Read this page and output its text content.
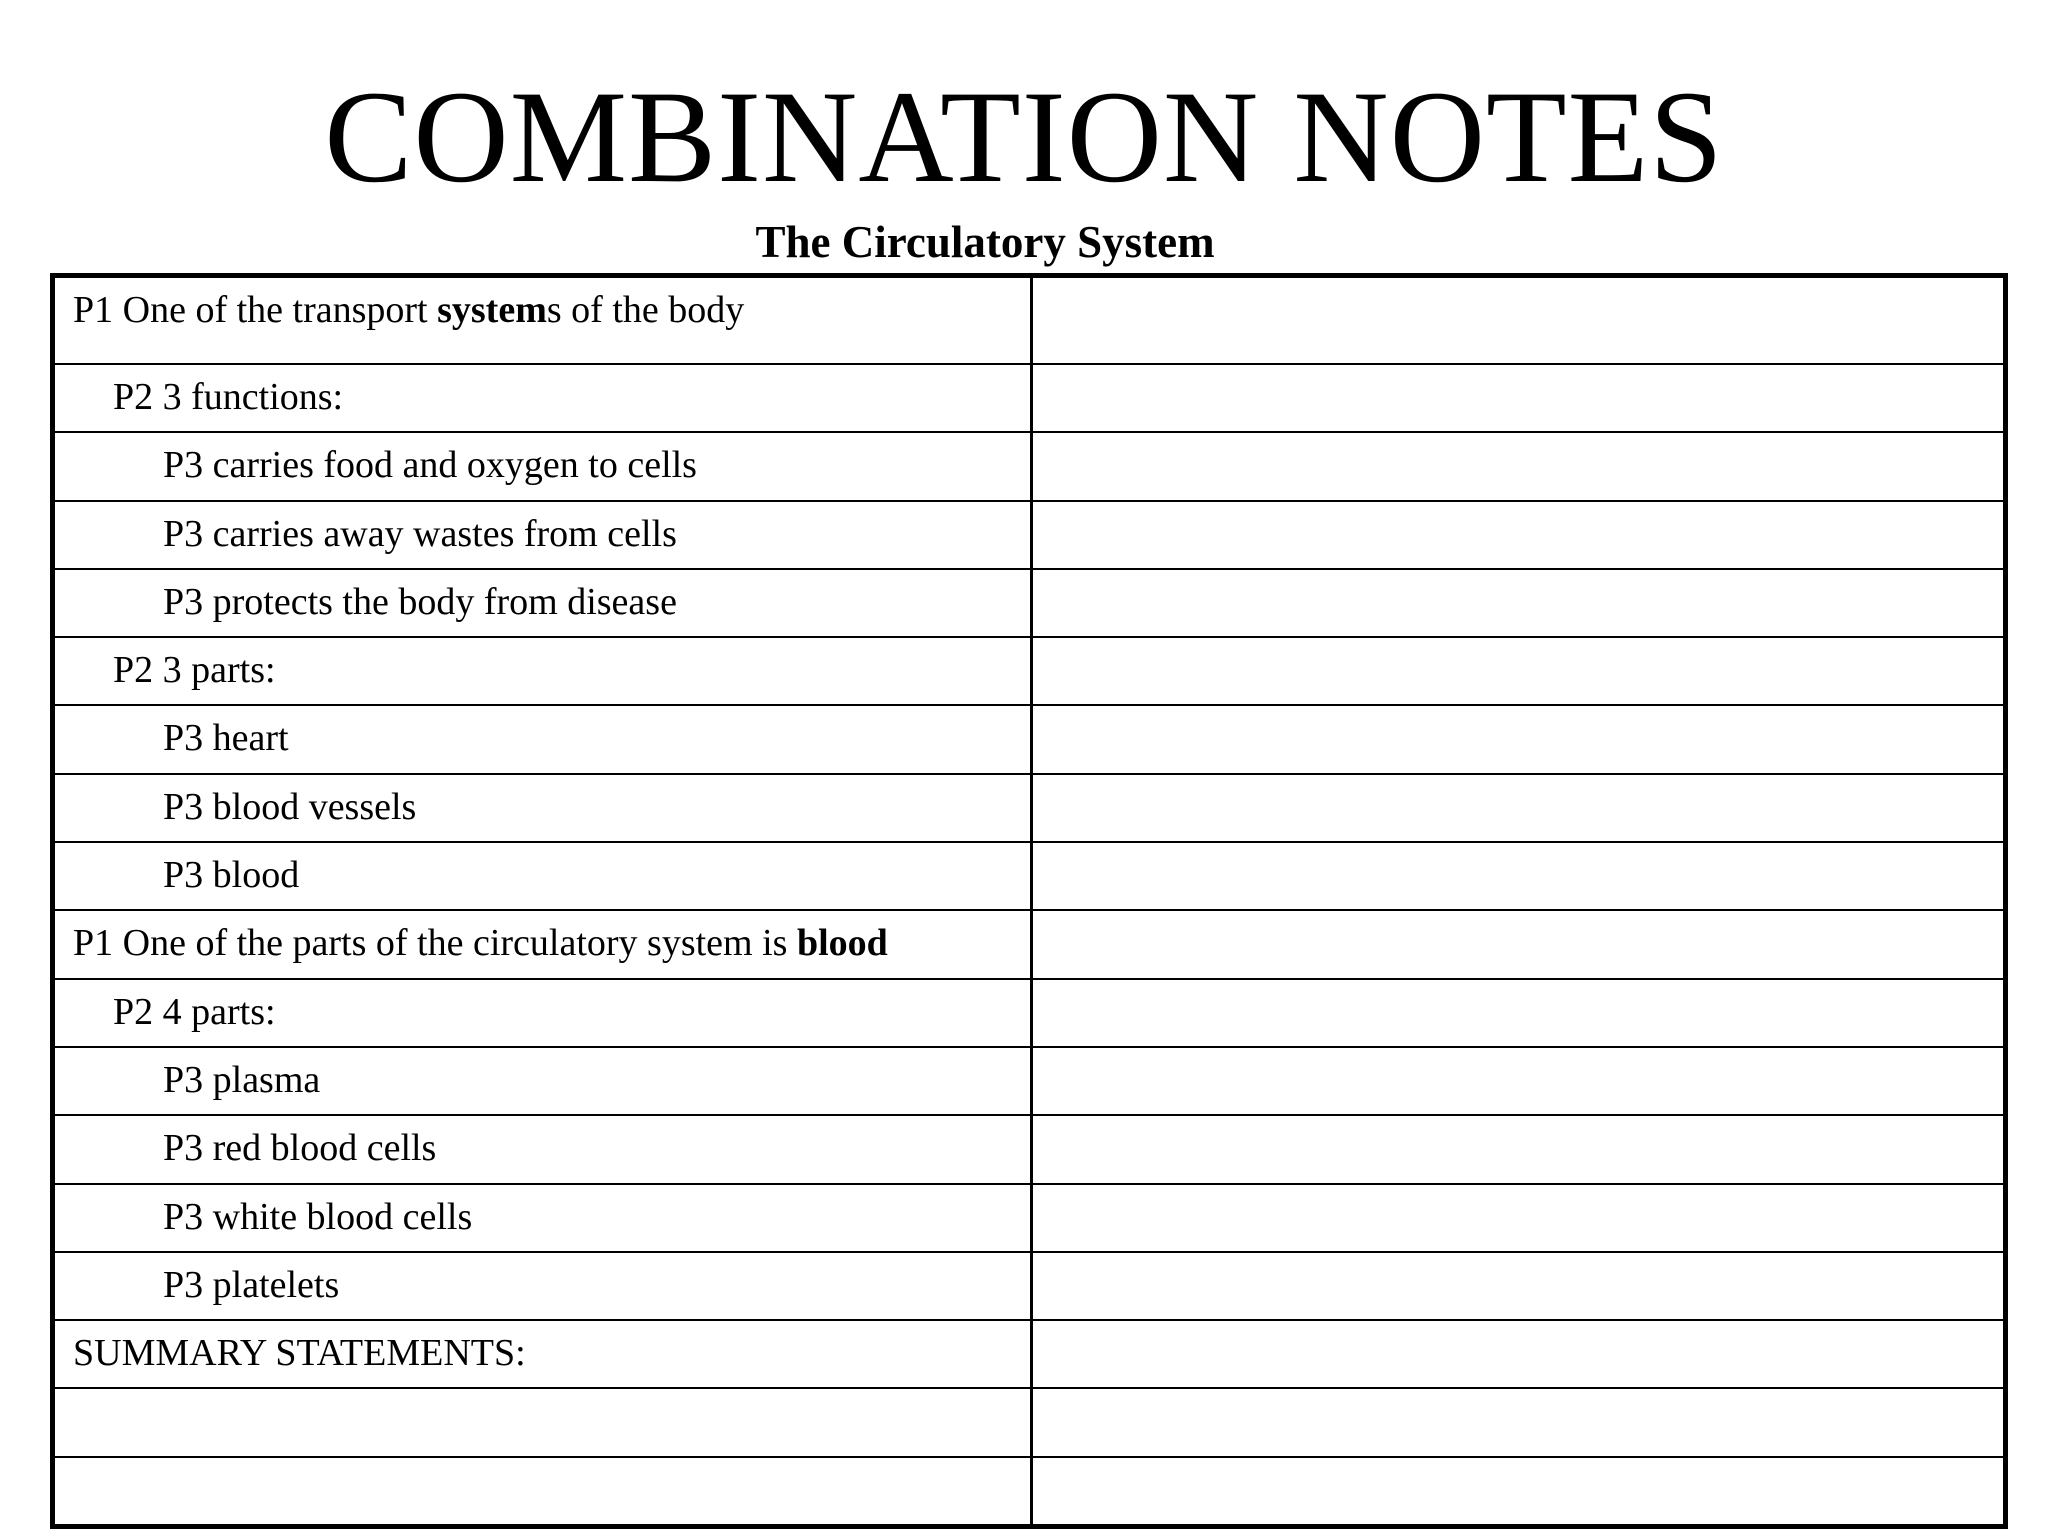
COMBINATION NOTES
The Circulatory System
P1 One of the transport systems of the body
P2 3 functions:
P3 carries food and oxygen to cells
P3 carries away wastes from cells
P3 protects the body from disease
P2 3 parts:
P3 heart
P3 blood vessels
P3 blood
P1 One of the parts of the circulatory system is blood
P2 4 parts:
P3 plasma
P3 red blood cells
P3 white blood cells
P3 platelets
SUMMARY STATEMENTS:
